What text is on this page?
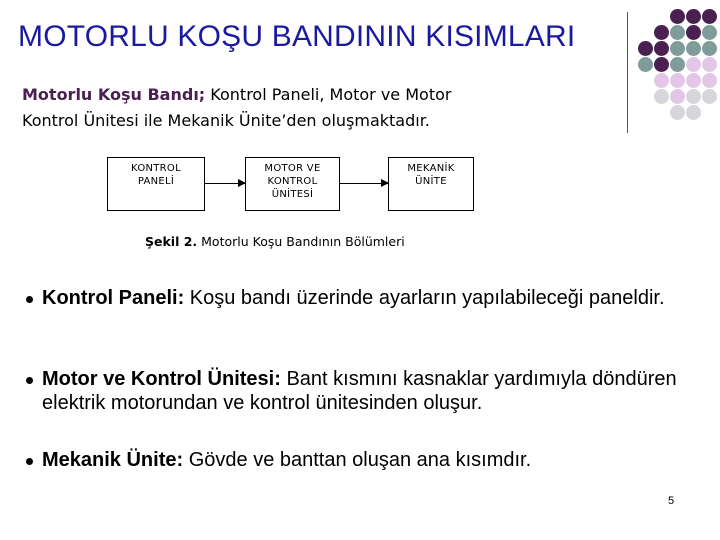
MOTORLU KOŞU BANDININ KISIMLARI
Motorlu Koşu Bandı; Kontrol Paneli, Motor ve Motor
Kontrol Ünitesi ile Mekanik Ünite’den oluşmaktadır.
KONTROL
PANELİ
MOTOR VE
KONTROL
ÜNİTESİ
MEKANİK
ÜNİTE
Şekil 2. Motorlu Koşu Bandının Bölümleri
Kontrol Paneli: Koşu bandı üzerinde ayarların yapılabileceği paneldir.
Motor ve Kontrol Ünitesi: Bant kısmını kasnaklar yardımıyla döndüren elektrik motorundan ve kontrol ünitesinden oluşur.
Mekanik Ünite: Gövde ve banttan oluşan ana kısımdır.
5
